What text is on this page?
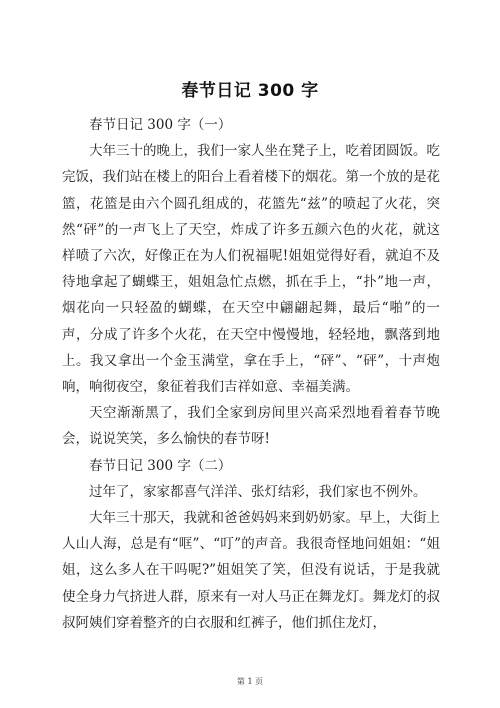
春节日记 300 字

春节日记 300 字（一）

大年三十的晚上，我们一家人坐在凳子上，吃着团圆饭。吃完饭，我们站在楼上的阳台上看着楼下的烟花。第一个放的是花篮，花篮是由六个圆孔组成的，花篮先“兹”的喷起了火花，突然“砰”的一声飞上了天空，炸成了许多五颜六色的火花，就这样喷了六次，好像正在为人们祝福呢!姐姐觉得好看，就迫不及待地拿起了蝴蝶王，姐姐急忙点燃，抓在手上，“扑”地一声，烟花向一只轻盈的蝴蝶，在天空中翩翩起舞，最后“啪”的一声，分成了许多个火花，在天空中慢慢地，轻轻地，飘落到地上。我又拿出一个金玉满堂，拿在手上，“砰”、“砰”，十声炮响，响彻夜空，象征着我们吉祥如意、幸福美满。

天空渐渐黑了，我们全家到房间里兴高采烈地看着春节晚会，说说笑笑，多么愉快的春节呀!

春节日记 300 字（二）

过年了，家家都喜气洋洋、张灯结彩，我们家也不例外。

大年三十那天，我就和爸爸妈妈来到奶奶家。早上，大街上人山人海，总是有“哐”、“叮”的声音。我很奇怪地问姐姐：“姐姐，这么多人在干吗呢?”姐姐笑了笑，但没有说话，于是我就使全身力气挤进人群，原来有一对人马正在舞龙灯。舞龙灯的叔叔阿姨们穿着整齐的白衣服和红裤子，他们抓住龙灯，

第 1 页
